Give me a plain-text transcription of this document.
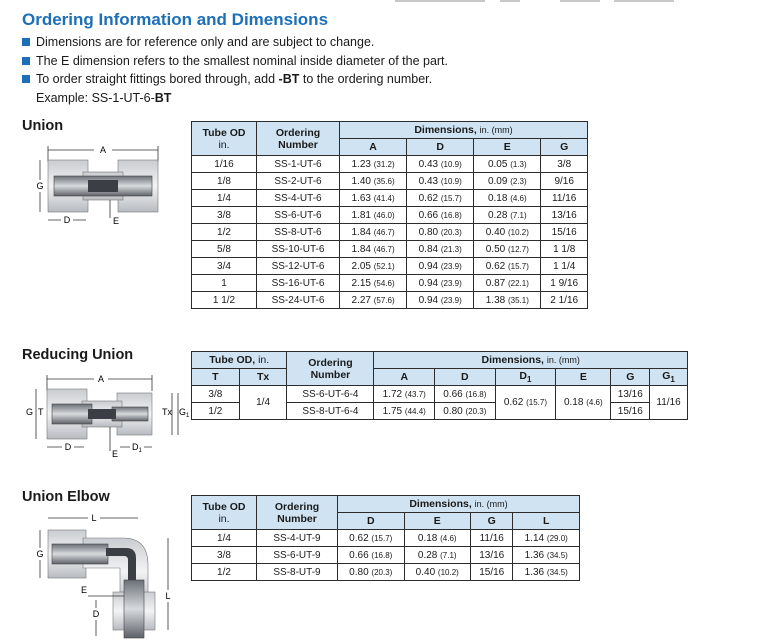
Ordering Information and Dimensions
Dimensions are for reference only and are subject to change.
The E dimension refers to the smallest nominal inside diameter of the part.
To order straight fittings bored through, add
-BT
to the ordering number.
Example: SS-1-UT-6-BT
Union
A
G
D	E
Tube OD
in.	Ordering
Number	Dimensions, in. (mm)			
		A	D	E	G
1/16	SS-1-UT-6	1.23 (31.2)	0.43 (10.9)	0.05 (1.3)	3/8
1/8	SS-2-UT-6	1.40 (35.6)	0.43 (10.9)	0.09 (2.3)	9/16
1/4	SS-4-UT-6	1.63 (41.4)	0.62 (15.7)	0.18 (4.6)	11/16
3/8	SS-6-UT-6	1.81 (46.0)	0.66 (16.8)	0.28 (7.1)	13/16
1/2	SS-8-UT-6	1.84 (46.7)	0.80 (20.3)	0.40 (10.2)	15/16
5/8	SS-10-UT-6	1.84 (46.7)	0.84 (21.3)	0.50 (12.7)	1 1/8
3/4	SS-12-UT-6	2.05 (52.1)	0.94 (23.9)	0.62 (15.7)	1 1/4
1	SS-16-UT-6	2.15 (54.6)	0.94 (23.9)	0.87 (22.1)	1 9/16
1 1/2	SS-24-UT-6	2.27 (57.6)	0.94 (23.9)	1.38 (35.1)	2 1/16
Reducing Union
A
G T	Tx $G_1$
D	$D_1$
E
Tube OD, in.		Ordering
Number	Dimensions, in. (mm)					
T	Tx		A	D	$D_1$	E	G	$G_1$
3/8	1/4	SS-6-UT-6-4	1.72 (43.7)	0.66 (16.8)	0.62 (15.7)	0.18 (4.6)	13/16	11/16
1/2		SS-8-UT-6-4	1.75 (44.4)	0.80 (20.3)			15/16	
Union Elbow
L
G
L
E
D
Tube OD
in.	Ordering
Number	Dimensions, in. (mm)			
		D	E	G	L
1/4	SS-4-UT-9	0.62 (15.7)	0.18 (4.6)	11/16	1.14 (29.0)
3/8	SS-6-UT-9	0.66 (16.8)	0.28 (7.1)	13/16	1.36 (34.5)
1/2	SS-8-UT-9	0.80 (20.3)	0.40 (10.2)	15/16	1.36 (34.5)
